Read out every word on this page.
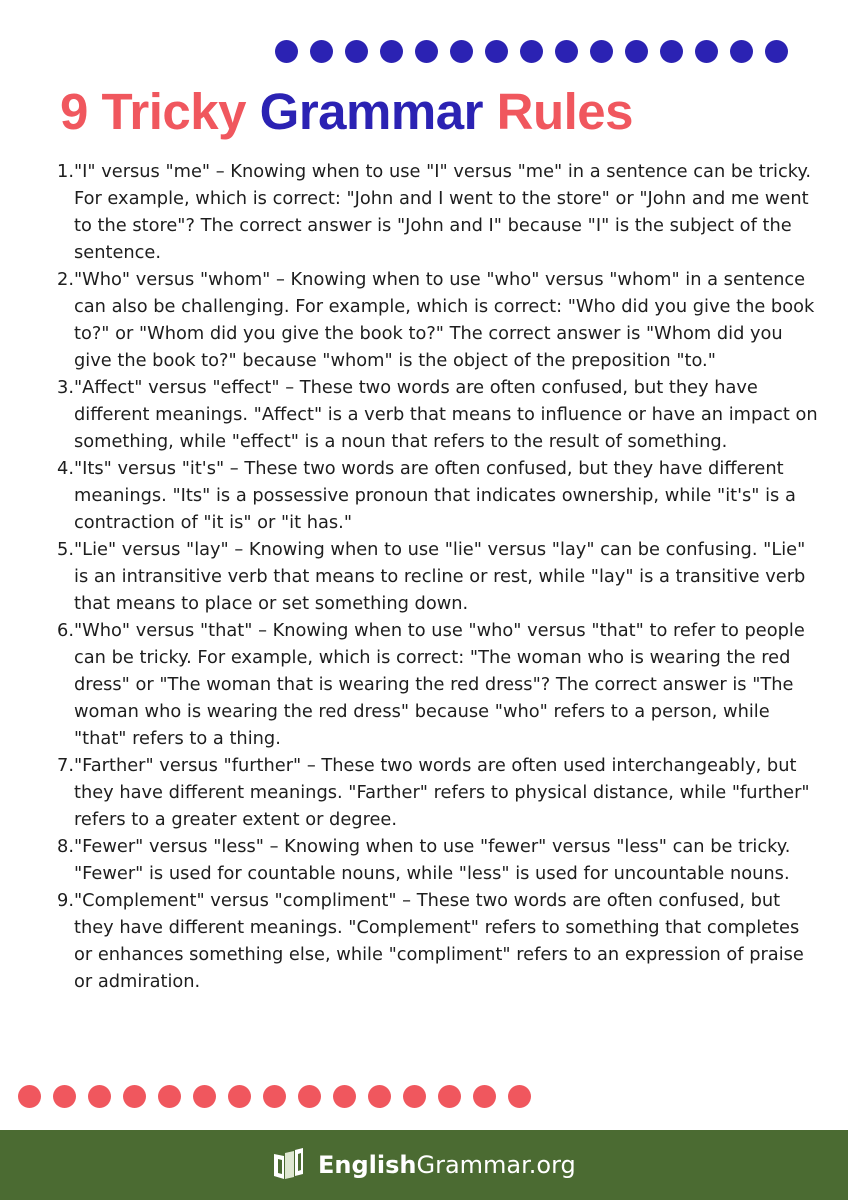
9 Tricky Grammar Rules
1. "I" versus "me" – Knowing when to use "I" versus "me" in a sentence can be tricky. For example, which is correct: "John and I went to the store" or "John and me went to the store"? The correct answer is "John and I" because "I" is the subject of the sentence.
2. "Who" versus "whom" – Knowing when to use "who" versus "whom" in a sentence can also be challenging. For example, which is correct: "Who did you give the book to?" or "Whom did you give the book to?" The correct answer is "Whom did you give the book to?" because "whom" is the object of the preposition "to."
3. "Affect" versus "effect" – These two words are often confused, but they have different meanings. "Affect" is a verb that means to influence or have an impact on something, while "effect" is a noun that refers to the result of something.
4. "Its" versus "it's" – These two words are often confused, but they have different meanings. "Its" is a possessive pronoun that indicates ownership, while "it's" is a contraction of "it is" or "it has."
5. "Lie" versus "lay" – Knowing when to use "lie" versus "lay" can be confusing. "Lie" is an intransitive verb that means to recline or rest, while "lay" is a transitive verb that means to place or set something down.
6. "Who" versus "that" – Knowing when to use "who" versus "that" to refer to people can be tricky. For example, which is correct: "The woman who is wearing the red dress" or "The woman that is wearing the red dress"? The correct answer is "The woman who is wearing the red dress" because "who" refers to a person, while "that" refers to a thing.
7. "Farther" versus "further" – These two words are often used interchangeably, but they have different meanings. "Farther" refers to physical distance, while "further" refers to a greater extent or degree.
8. "Fewer" versus "less" – Knowing when to use "fewer" versus "less" can be tricky. "Fewer" is used for countable nouns, while "less" is used for uncountable nouns.
9. "Complement" versus "compliment" – These two words are often confused, but they have different meanings. "Complement" refers to something that completes or enhances something else, while "compliment" refers to an expression of praise or admiration.
EnglishGrammar.org
